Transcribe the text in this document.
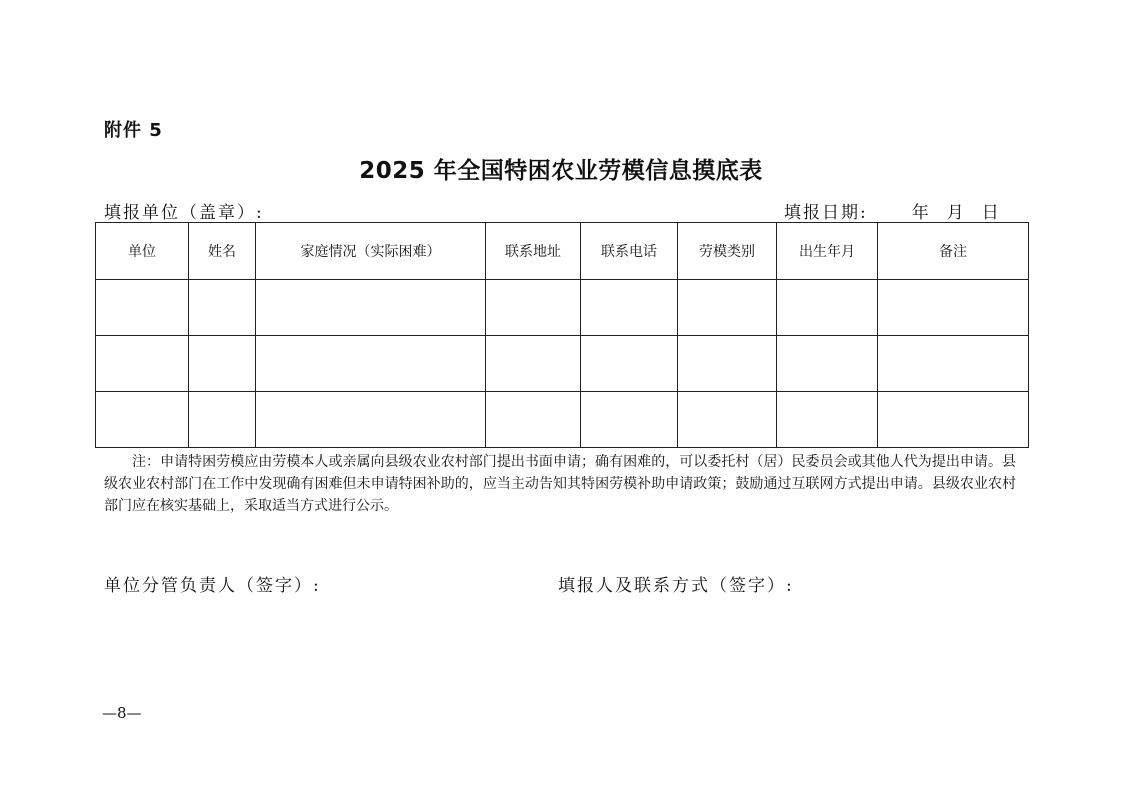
附件 5
2025 年全国特困农业劳模信息摸底表
填报单位（盖章）:	填报日期:	年 月 日
单位	姓名	家庭情况（实际困难）	联系地址	联系电话	劳模类别	出生年月	备注

注：申请特困劳模应由劳模本人或亲属向县级农业农村部门提出书面申请；确有困难的，可以委托村（居）民委员会或其他人代为提出申请。县级农业农村部门在工作中发现确有困难但未申请特困补助的，应当主动告知其特困劳模补助申请政策；鼓励通过互联网方式提出申请。县级农业农村部门应在核实基础上，采取适当方式进行公示。
单位分管负责人（签字）:	填报人及联系方式（签字）:
—8—
